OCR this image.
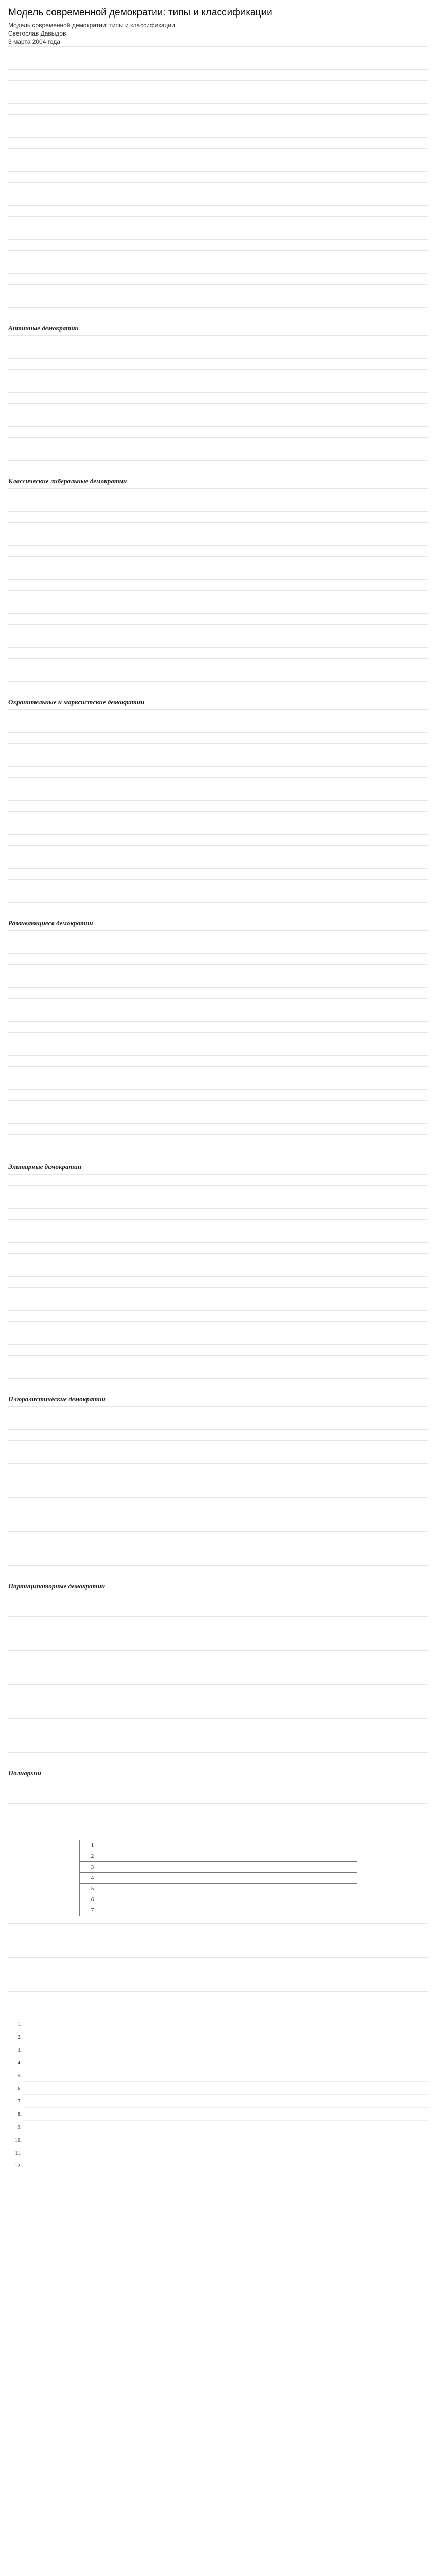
Модель современной демократии: типы и классификации
Модель современной демократии: типы и классификации
Светослав Давыдов
3 марта 2004 года

Античные демократии

Классические либеральные демократии

Охранительные и марксистские демократии

Развивающиеся демократии

Элитарные демократии

Плюралистические демократии

Партиципаторные демократии

Полиархии

1	
2	
3	
4	
5	
6	
7	

1.
2.
3.
4.
5.
6.
7.
8.
9.
10.
11.
12.
